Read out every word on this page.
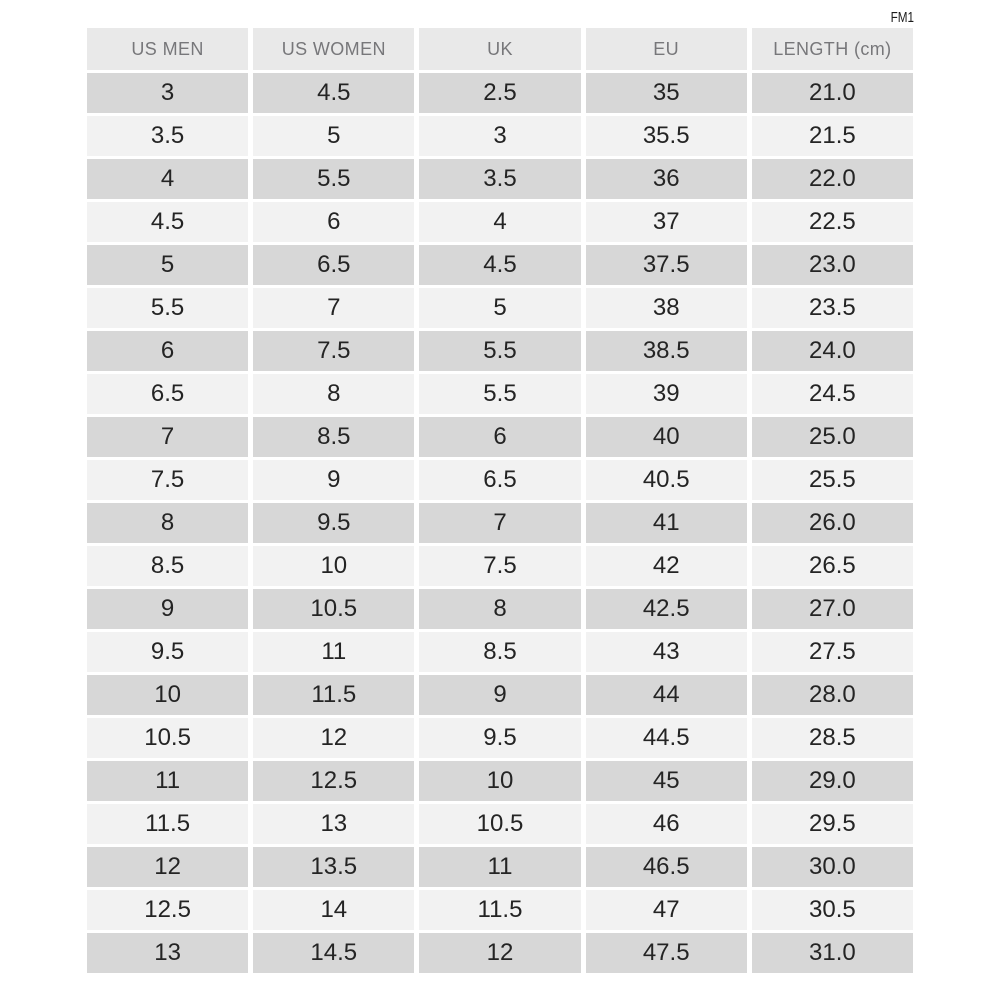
FM1
US MEN	US WOMEN	UK	EU	LENGTH (cm)
3	4.5	2.5	35	21.0
3.5	5	3	35.5	21.5
4	5.5	3.5	36	22.0
4.5	6	4	37	22.5
5	6.5	4.5	37.5	23.0
5.5	7	5	38	23.5
6	7.5	5.5	38.5	24.0
6.5	8	5.5	39	24.5
7	8.5	6	40	25.0
7.5	9	6.5	40.5	25.5
8	9.5	7	41	26.0
8.5	10	7.5	42	26.5
9	10.5	8	42.5	27.0
9.5	11	8.5	43	27.5
10	11.5	9	44	28.0
10.5	12	9.5	44.5	28.5
11	12.5	10	45	29.0
11.5	13	10.5	46	29.5
12	13.5	11	46.5	30.0
12.5	14	11.5	47	30.5
13	14.5	12	47.5	31.0
